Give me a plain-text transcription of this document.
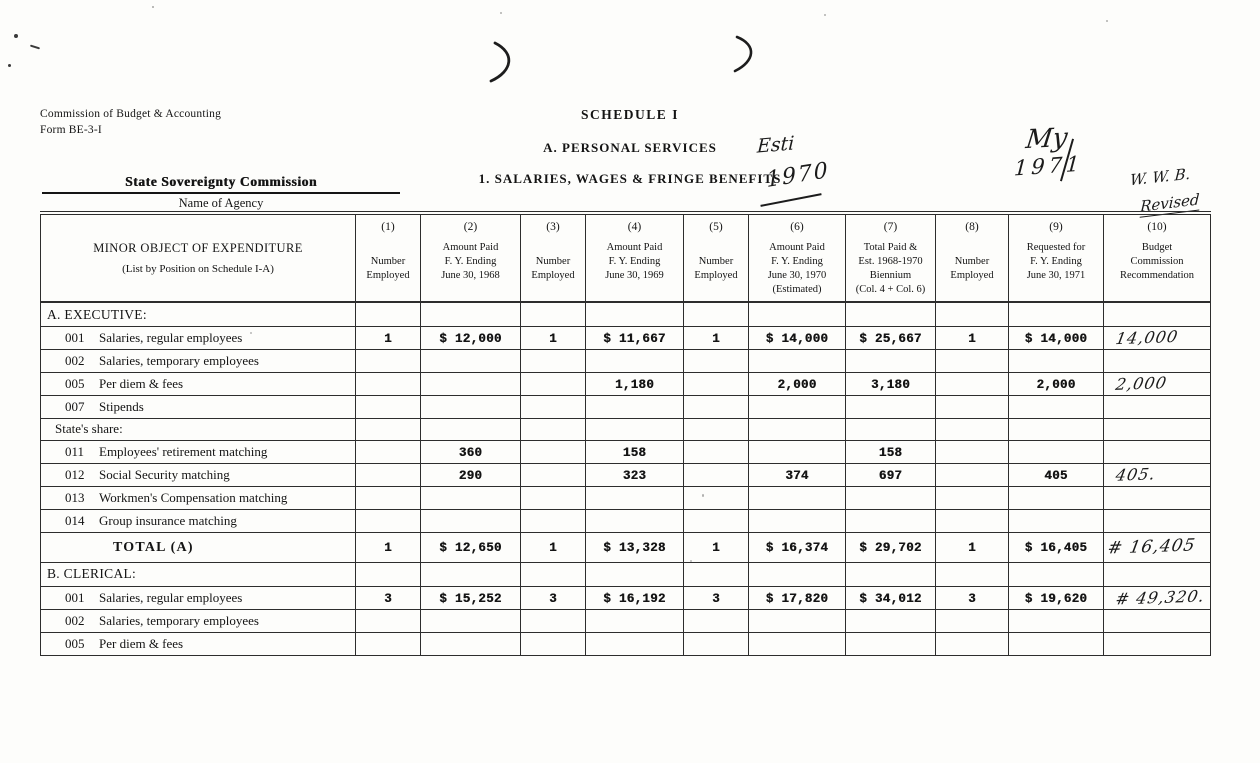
Commission of Budget & Accounting
Form BE-3-I
SCHEDULE I
A. PERSONAL SERVICES
1. SALARIES, WAGES & FRINGE BENEFITS
State Sovereignty Commission
Name of Agency
Esti
1970
My
1971	W. W. B.
Revised
MINOR OBJECT OF EXPENDITURE
(List by Position on Schedule I-A)

(1)
Number
Employed

(2)
Amount Paid
F. Y. Ending
June 30, 1968

(3)
Number
Employed

(4)
Amount Paid
F. Y. Ending
June 30, 1969

(5)
Number
Employed

(6)
Amount Paid
F. Y. Ending
June 30, 1970
(Estimated)

(7)
Total Paid &
Est. 1968-1970
Biennium
(Col. 4 + Col. 6)

(8)
Number
Employed

(9)
Requested for
F. Y. Ending
June 30, 1971

(10)
Budget
Commission
Recommendation

A. EXECUTIVE:										
001 Salaries, regular employees	1	$ 12,000	1	$ 11,667	1	$ 14,000	$ 25,667	1	$ 14,000	14,000
002 Salaries, temporary employees										
005 Per diem & fees				1,180		2,000	3,180		2,000	2,000
007 Stipends										
State's share:										
011 Employees' retirement matching		360		158			158			
012 Social Security matching		290		323		374	697		405	405.
013 Workmen's Compensation matching										
014 Group insurance matching										
TOTAL (A)	1	$ 12,650	1	$ 13,328	1	$ 16,374	$ 29,702	1	$ 16,405	# 16,405
B. CLERICAL:										
001 Salaries, regular employees	3	$ 15,252	3	$ 16,192	3	$ 17,820	$ 34,012	3	$ 19,620	# 49,320.
002 Salaries, temporary employees										
005 Per diem & fees										
